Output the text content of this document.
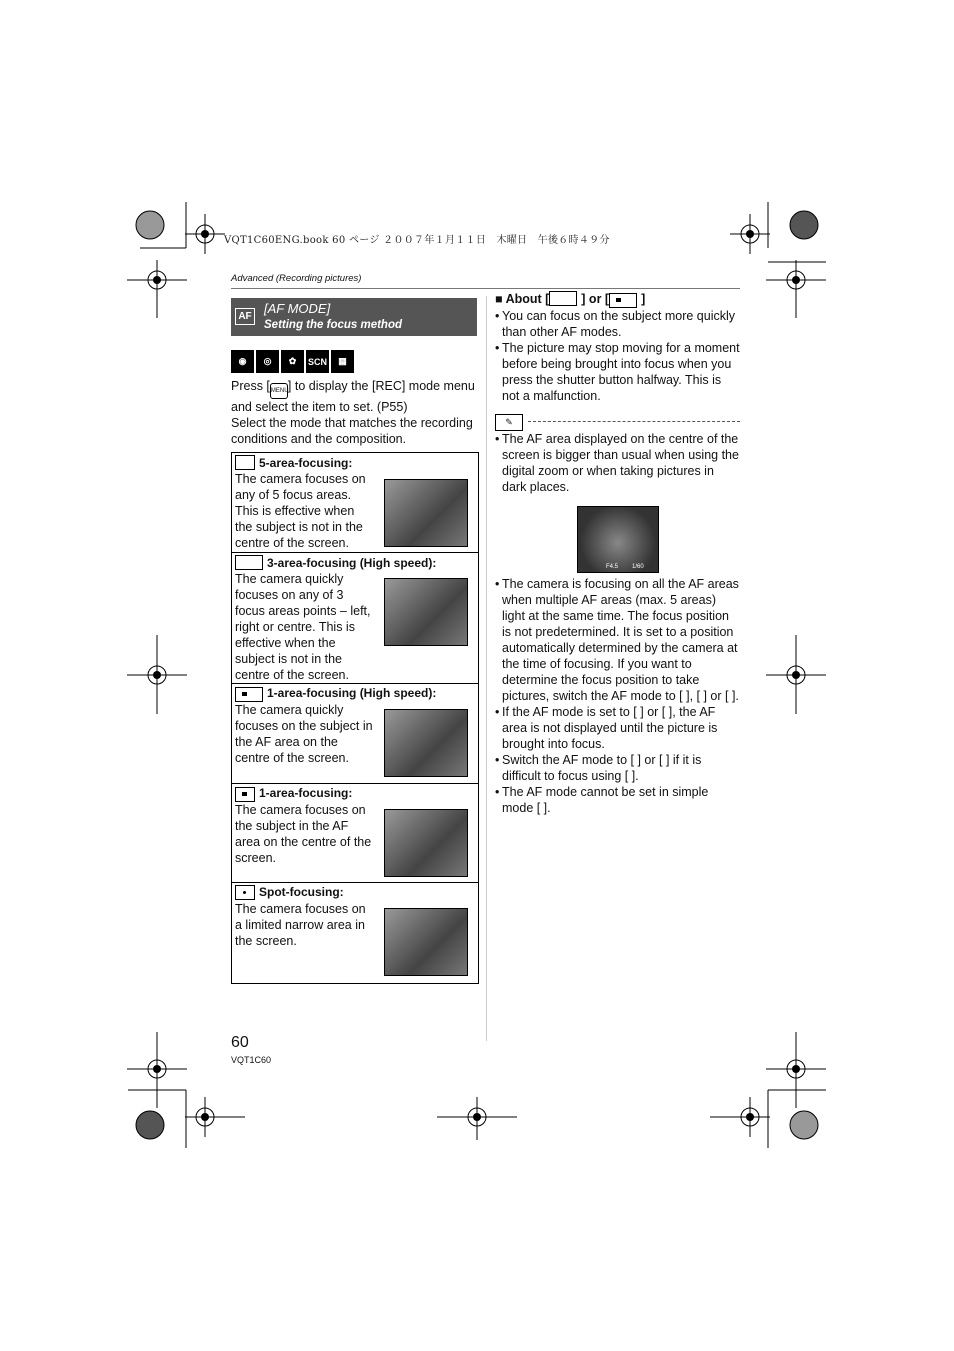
VQT1C60ENG.book 60 ページ ２００７年１月１１日　木曜日　午後６時４９分
Advanced (Recording pictures)
AF
[AF MODE]
Setting the focus method
◉	◎	✿	SCN	▦
Press [MENU] to display the [REC] mode menu and select the item to set. (P55)
Select the mode that matches the recording conditions and the composition.
5-area-focusing:
The camera focuses on any of 5 focus areas. This is effective when the subject is not in the centre of the screen.
3-area-focusing (High speed):
The camera quickly focuses on any of 3 focus areas points – left, right or centre. This is effective when the subject is not in the centre of the screen.
1-area-focusing (High speed):
The camera quickly focuses on the subject in the AF area on the centre of the screen.
1-area-focusing:
The camera focuses on the subject in the AF area on the centre of the screen.
Spot-focusing:
The camera focuses on a limited narrow area in the screen.
■ About [	] or [	]
• You can focus on the subject more quickly than other AF modes.
• The picture may stop moving for a moment before being brought into focus when you press the shutter button halfway. This is not a malfunction.
✎
• The AF area displayed on the centre of the screen is bigger than usual when using the digital zoom or when taking pictures in dark places.
F4.5 1/60
• The camera is focusing on all the AF areas when multiple AF areas (max. 5 areas) light at the same time. The focus position is not predetermined. It is set to a position automatically determined by the camera at the time of focusing. If you want to determine the focus position to take pictures, switch the AF mode to [ ], [ ] or [ ].
• If the AF mode is set to [ ] or [ ], the AF area is not displayed until the picture is brought into focus.
• Switch the AF mode to [ ] or [ ] if it is difficult to focus using [ ].
• The AF mode cannot be set in simple mode [ ].
60
VQT1C60
